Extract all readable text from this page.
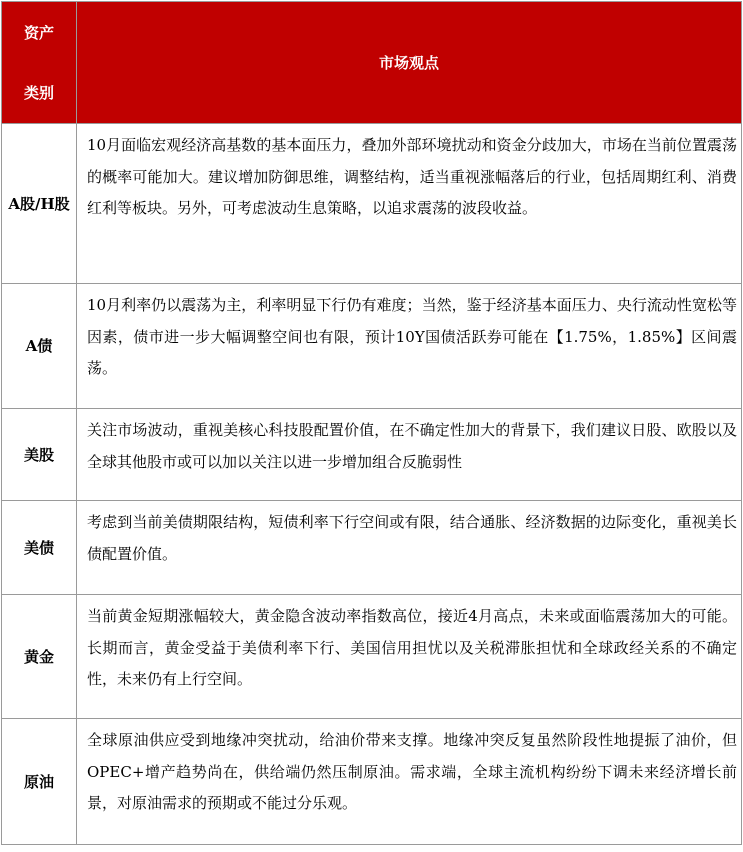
资产
类别	市场观点
A股/H股	10月面临宏观经济高基数的基本面压力，叠加外部环境扰动和资金分歧加大，市场在当前位置震荡的概率可能加大。建议增加防御思维，调整结构，适当重视涨幅落后的行业，包括周期红利、消费红利等板块。另外，可考虑波动生息策略，以追求震荡的波段收益。
A债	10月利率仍以震荡为主，利率明显下行仍有难度；当然，鉴于经济基本面压力、央行流动性宽松等因素，债市进一步大幅调整空间也有限，预计10Y国债活跃券可能在【1.75%，1.85%】区间震荡。
美股	关注市场波动，重视美核心科技股配置价值，在不确定性加大的背景下，我们建议日股、欧股以及全球其他股市或可以加以关注以进一步增加组合反脆弱性
美债	考虑到当前美债期限结构，短债利率下行空间或有限，结合通胀、经济数据的边际变化，重视美长债配置价值。
黄金	当前黄金短期涨幅较大，黄金隐含波动率指数高位，接近4月高点，未来或面临震荡加大的可能。长期而言，黄金受益于美债利率下行、美国信用担忧以及关税滞胀担忧和全球政经关系的不确定性，未来仍有上行空间。
原油	全球原油供应受到地缘冲突扰动，给油价带来支撑。地缘冲突反复虽然阶段性地提振了油价，但OPEC+增产趋势尚在，供给端仍然压制原油。需求端，全球主流机构纷纷下调未来经济增长前景，对原油需求的预期或不能过分乐观。
